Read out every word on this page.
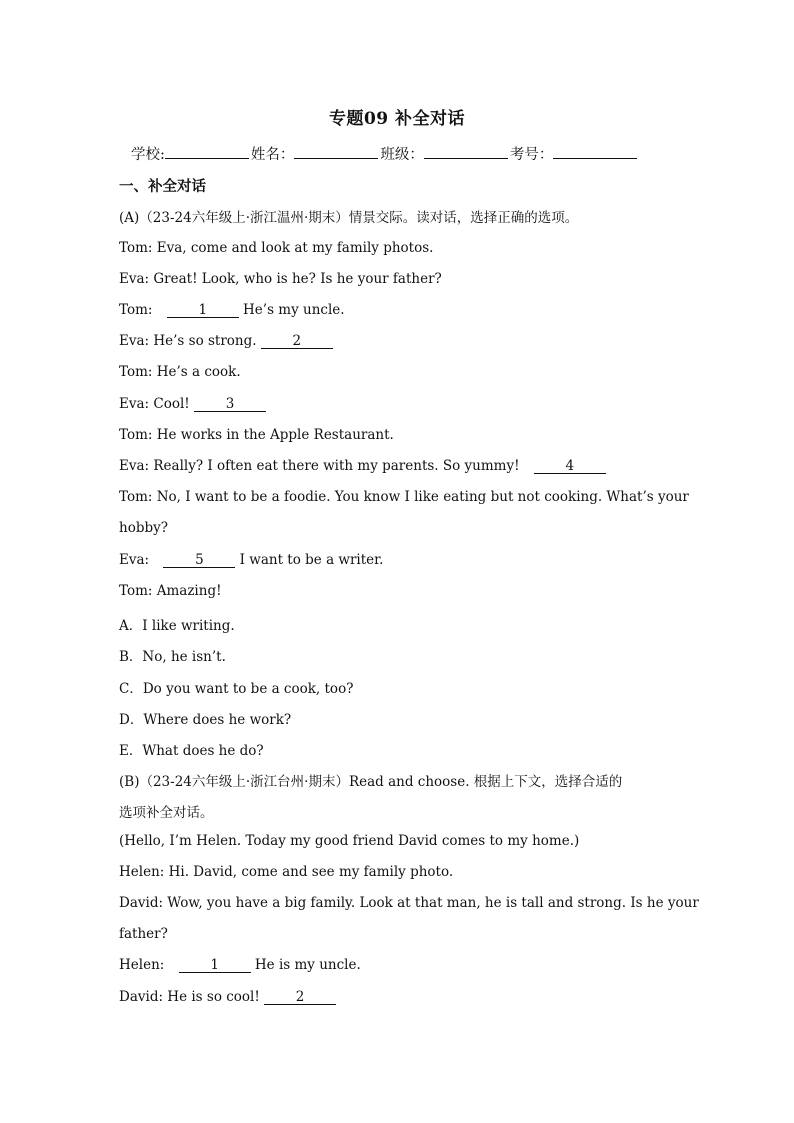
专题09 补全对话
学校:	姓名：	班级：	考号：
一、补全对话
(A)（23-24六年级上·浙江温州·期末）情景交际。读对话，选择正确的选项。
Tom: Eva, come and look at my family photos.
Eva: Great! Look, who is he? Is he your father?
Tom:	1 He’s my uncle.
Eva: He’s so strong. 2
Tom: He’s a cook.
Eva: Cool! 3
Tom: He works in the Apple Restaurant.
Eva: Really? I often eat there with my parents. So yummy!	4
Tom: No, I want to be a foodie. You know I like eating but not cooking. What’s your
hobby?
Eva:	5 I want to be a writer.
Tom: Amazing!
A．I like writing.
B．No, he isn’t.
C．Do you want to be a cook, too?
D．Where does he work?
E．What does he do?
(B)（23-24六年级上·浙江台州·期末）Read and choose. 根据上下文，选择合适的
选项补全对话。
(Hello, I’m Helen. Today my good friend David comes to my home.)
Helen: Hi. David, come and see my family photo.
David: Wow, you have a big family. Look at that man, he is tall and strong. Is he your
father?
Helen:	1 He is my uncle.
David: He is so cool! 2
